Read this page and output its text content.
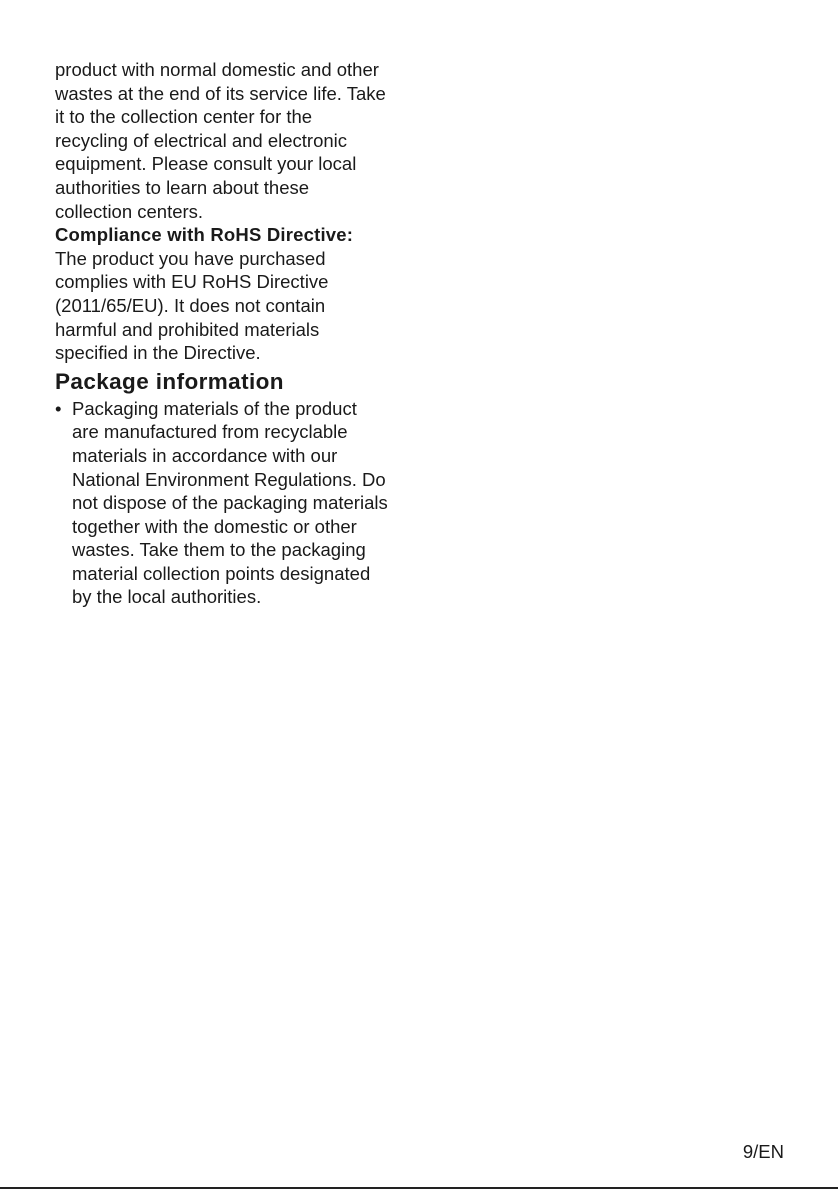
product with normal domestic and other

wastes at the end of its service life. Take

it to the collection center for the

recycling of electrical and electronic

equipment. Please consult your local

authorities to learn about these

collection centers.

Compliance with RoHS Directive:

The product you have purchased

complies with EU RoHS Directive

(2011/65/EU). It does not contain

harmful and prohibited materials

specified in the Directive.

Package information

• Packaging materials of the product

are manufactured from recyclable

materials in accordance with our

National Environment Regulations. Do

not dispose of the packaging materials

together with the domestic or other

wastes. Take them to the packaging

material collection points designated

by the local authorities.

9/EN
